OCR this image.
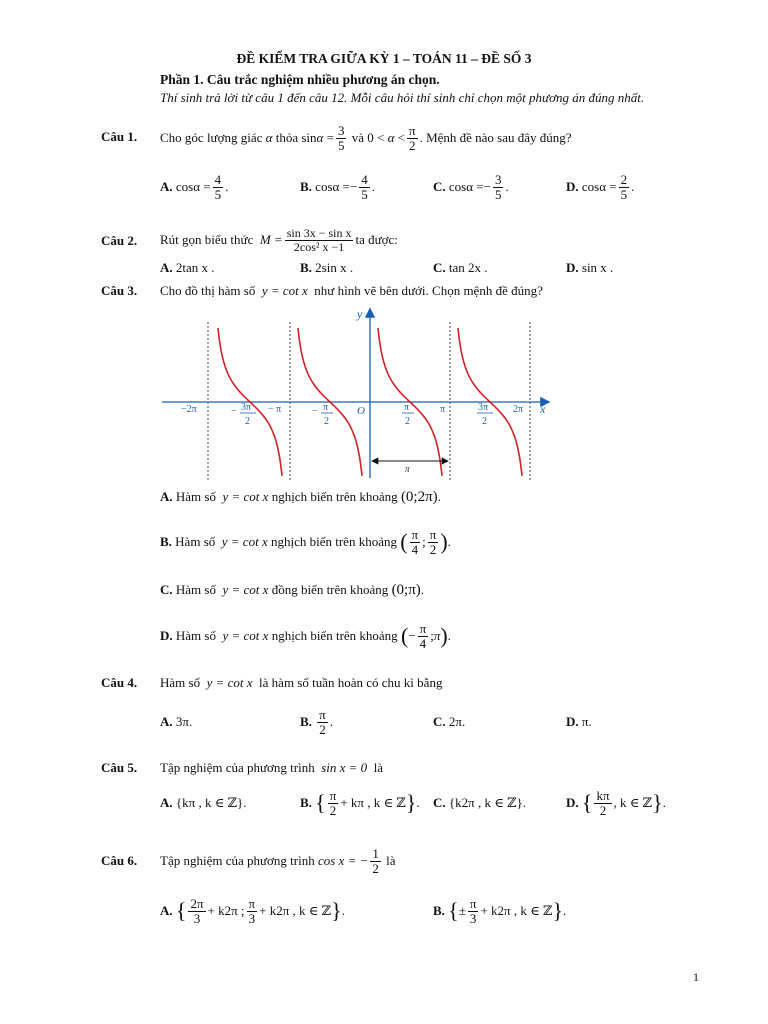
ĐỀ KIỂM TRA GIỮA KỲ 1 – TOÁN 11 – ĐỀ SỐ 3
Phần 1. Câu trắc nghiệm nhiều phương án chọn.
Thí sinh trả lời từ câu 1 đến câu 12. Mỗi câu hỏi thí sinh chỉ chọn một phương án đúng nhất.
Câu 1. Cho góc lượng giác
α
thỏa
sin α
= $\frac{3}{5}$
và
0 <
α
< $\frac{\pi}{2}$ . Mệnh đề nào sau đây đúng?
A.
$\cos\alpha = \frac{4}{5}$ .	B.
cosα = − $\frac{4}{5}$ .	C.
cosα = − $\frac{3}{5}$ .	D.
$\cos\alpha = \frac{2}{5}$ .
Câu 2. Rút gọn biểu thức
$M = \frac{\text{sin 3x − sin x}}{\text{2cos² x −1}}$ ta được:
A. 2tan x .	B. 2sin x .	C. tan 2x .	D. sin x .
Câu 3. Cho đồ thị hàm số y = cot x như hình vẽ bên dưới. Chọn mệnh đề đúng?
y
x
O
−2π	− 3π
2
− π	− π
2
π
2
π	3π
2
2π
π
A.
Hàm số
y = cot x
nghịch biến trên khoảng
(0;2π) .
B.
Hàm số
y = cot x
nghịch biến trên khoảng
( $\frac{\pi}{4}$ ; $\frac{\pi}{2}$ ) .
C.
Hàm số
y = cot x
đồng biến trên khoảng
(0;π) .
D.
Hàm số
y = cot x
nghịch biến trên khoảng
( − $\frac{\pi}{4}$ ; π ) .
Câu 4. Hàm số y = cot x là hàm số tuần hoàn có chu kì bằng
A. 3π.	B.
$\frac{\pi}{2}$ .	C. 2π.	D. π.
Câu 5. Tập nghiệm của phương trình sin x = 0 là
A. {kπ , k ∈ ℤ}.	B.
{ $\frac{\pi}{2} + k\pi$ , k ∈ ℤ } . C. {k2π , k ∈ ℤ}.	D.
{ $\frac{k\pi}{2}$ , k ∈ ℤ } .
Câu 6. Tập nghiệm của phương trình
cos x = − $\frac{1}{2}$
là
A.
{ $\frac{2\pi}{3} + k2\pi$ ; $\frac{\pi}{3} + k2\pi$ , k ∈ ℤ } .	B.
{ ± $\frac{\pi}{3} + k2\pi$ , k ∈ ℤ } .
1
